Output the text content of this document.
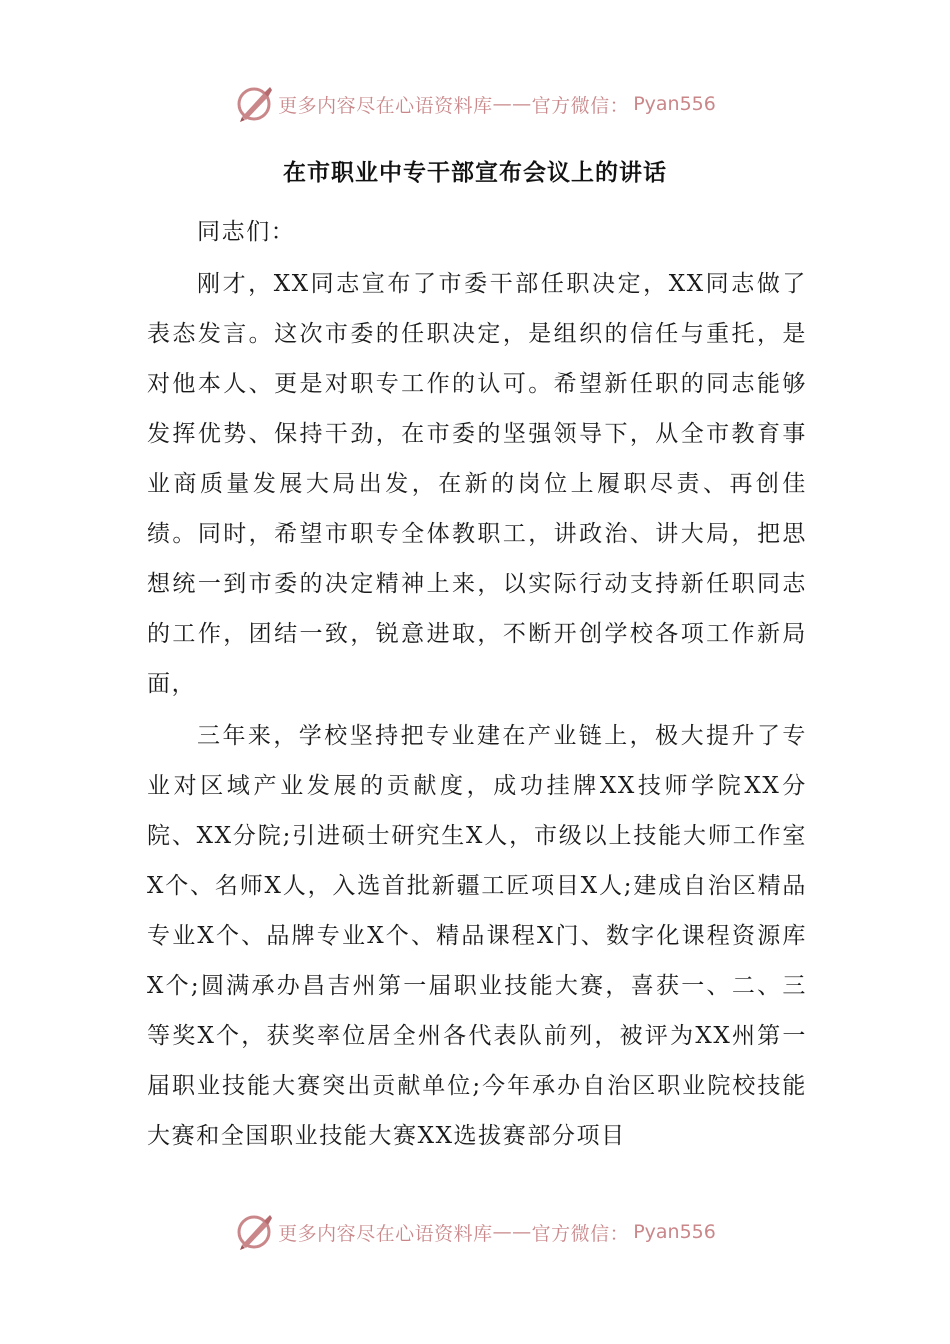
更多内容尽在心语资料库 —— 官方微信： Pyan556
在市职业中专干部宣布会议上的讲话

同志们：

刚才，XX同志宣布了市委干部任职决定，XX同志做了表态发言。这次市委的任职决定，是组织的信任与重托，是对他本人、更是对职专工作的认可。希望新任职的同志能够发挥优势、保持干劲，在市委的坚强领导下，从全市教育事业商质量发展大局出发，在新的岗位上履职尽责、再创佳绩。同时，希望市职专全体教职工，讲政治、讲大局，把思想统一到市委的决定精神上来，以实际行动支持新任职同志的工作，团结一致，锐意进取，不断开创学校各项工作新局面，

三年来，学校坚持把专业建在产业链上，极大提升了专业对区域产业发展的贡献度，成功挂牌XX技师学院XX分院、XX分院;引进硕士研究生X人，市级以上技能大师工作室X个、名师X人，入选首批新疆工匠项目X人;建成自治区精品专业X个、品牌专业X个、精品课程X门、数字化课程资源库X个;圆满承办昌吉州第一届职业技能大赛，喜获一、二、三等奖X个，获奖率位居全州各代表队前列，被评为XX州第一届职业技能大赛突出贡献单位;今年承办自治区职业院校技能大赛和全国职业技能大赛XX选拔赛部分项目

更多内容尽在心语资料库 —— 官方微信： Pyan556
